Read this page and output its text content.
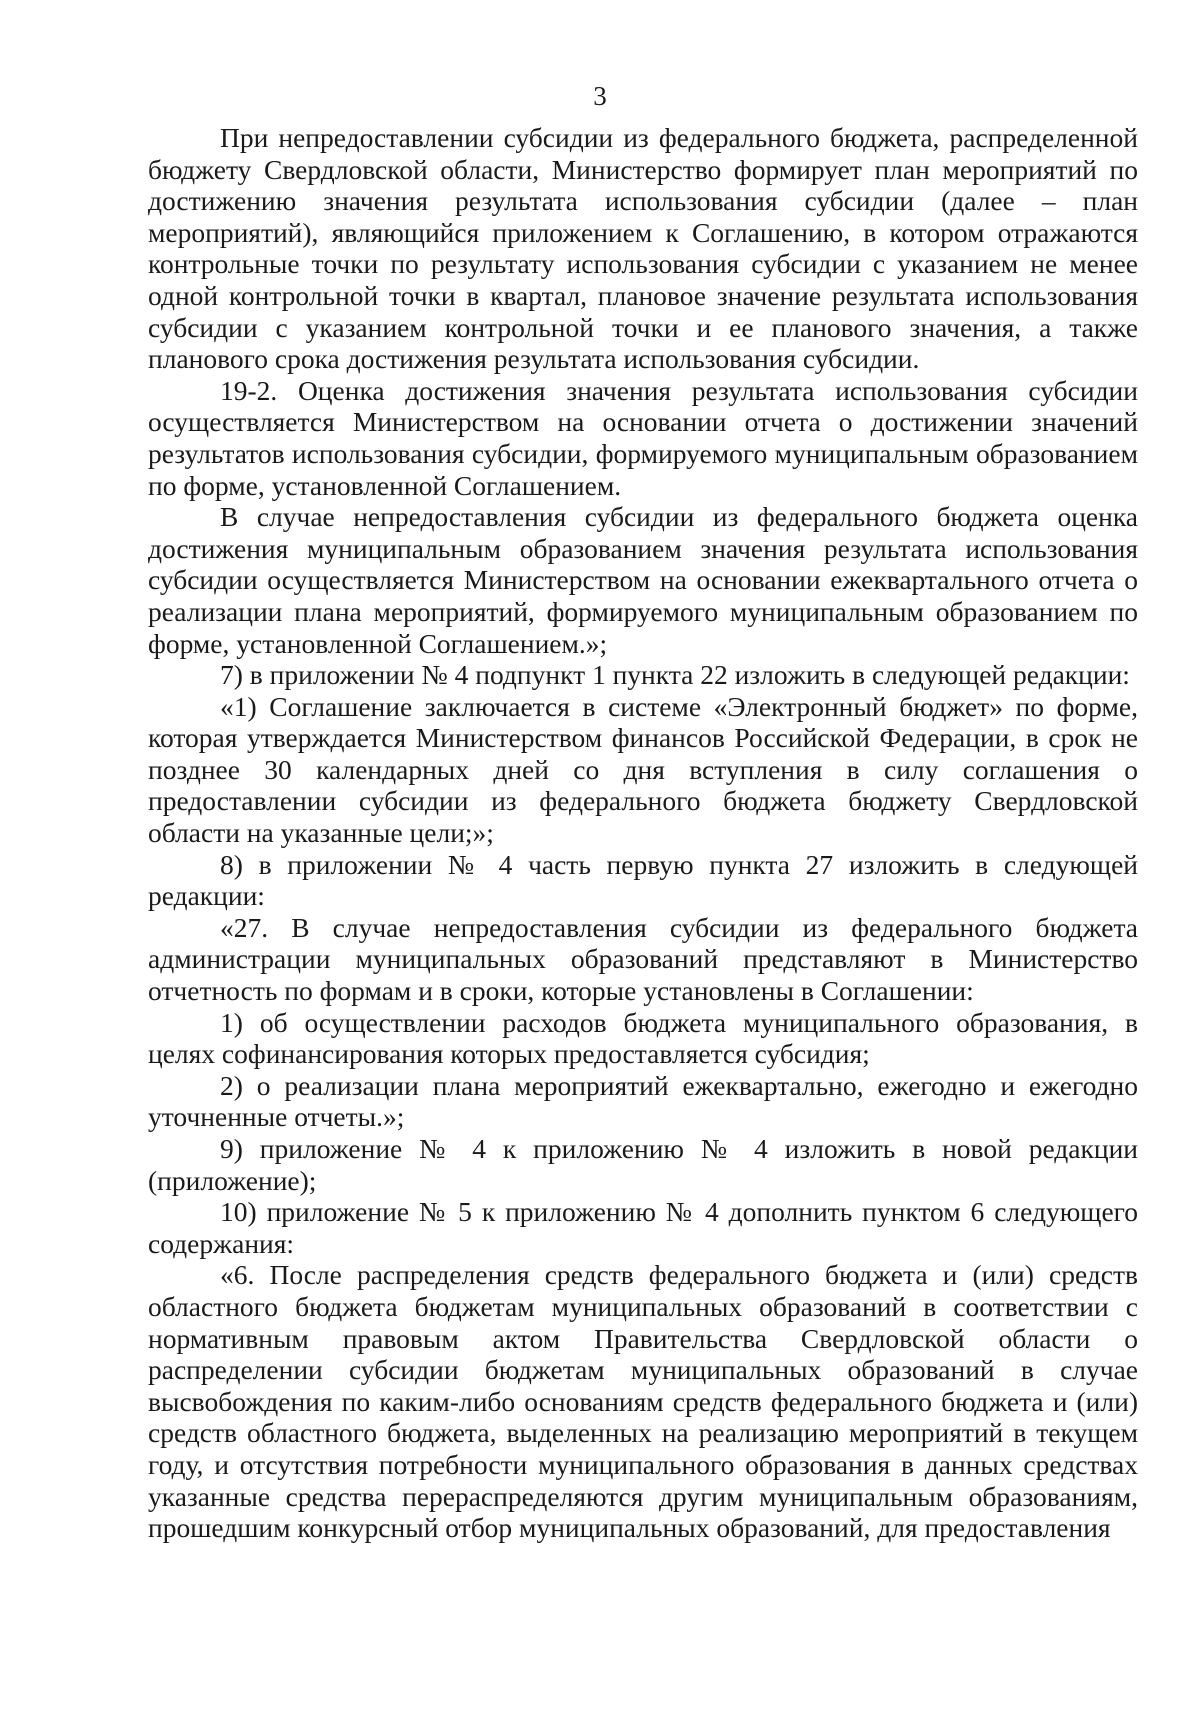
3

При непредоставлении субсидии из федерального бюджета, распределенной бюджету Свердловской области, Министерство формирует план мероприятий по достижению значения результата использования субсидии (далее – план мероприятий), являющийся приложением к Соглашению, в котором отражаются контрольные точки по результату использования субсидии с указанием не менее одной контрольной точки в квартал, плановое значение результата использования субсидии с указанием контрольной точки и ее планового значения, а также планового срока достижения результата использования субсидии.

19-2. Оценка достижения значения результата использования субсидии осуществляется Министерством на основании отчета о достижении значений результатов использования субсидии, формируемого муниципальным образованием по форме, установленной Соглашением.

В случае непредоставления субсидии из федерального бюджета оценка достижения муниципальным образованием значения результата использования субсидии осуществляется Министерством на основании ежеквартального отчета о реализации плана мероприятий, формируемого муниципальным образованием по форме, установленной Соглашением.»;

7) в приложении № 4 подпункт 1 пункта 22 изложить в следующей редакции:

«1) Соглашение заключается в системе «Электронный бюджет» по форме, которая утверждается Министерством финансов Российской Федерации, в срок не позднее 30 календарных дней со дня вступления в силу соглашения о предоставлении субсидии из федерального бюджета бюджету Свердловской области на указанные цели;»;

8) в приложении № 4 часть первую пункта 27 изложить в следующей редакции:

«27. В случае непредоставления субсидии из федерального бюджета администрации муниципальных образований представляют в Министерство отчетность по формам и в сроки, которые установлены в Соглашении:

1) об осуществлении расходов бюджета муниципального образования, в целях софинансирования которых предоставляется субсидия;

2) о реализации плана мероприятий ежеквартально, ежегодно и ежегодно уточненные отчеты.»;

9) приложение № 4 к приложению № 4 изложить в новой редакции (приложение);

10) приложение № 5 к приложению № 4 дополнить пунктом 6 следующего содержания:

«6. После распределения средств федерального бюджета и (или) средств областного бюджета бюджетам муниципальных образований в соответствии с нормативным правовым актом Правительства Свердловской области о распределении субсидии бюджетам муниципальных образований в случае высвобождения по каким-либо основаниям средств федерального бюджета и (или) средств областного бюджета, выделенных на реализацию мероприятий в текущем году, и отсутствия потребности муниципального образования в данных средствах указанные средства перераспределяются другим муниципальным образованиям, прошедшим конкурсный отбор муниципальных образований, для предоставления
